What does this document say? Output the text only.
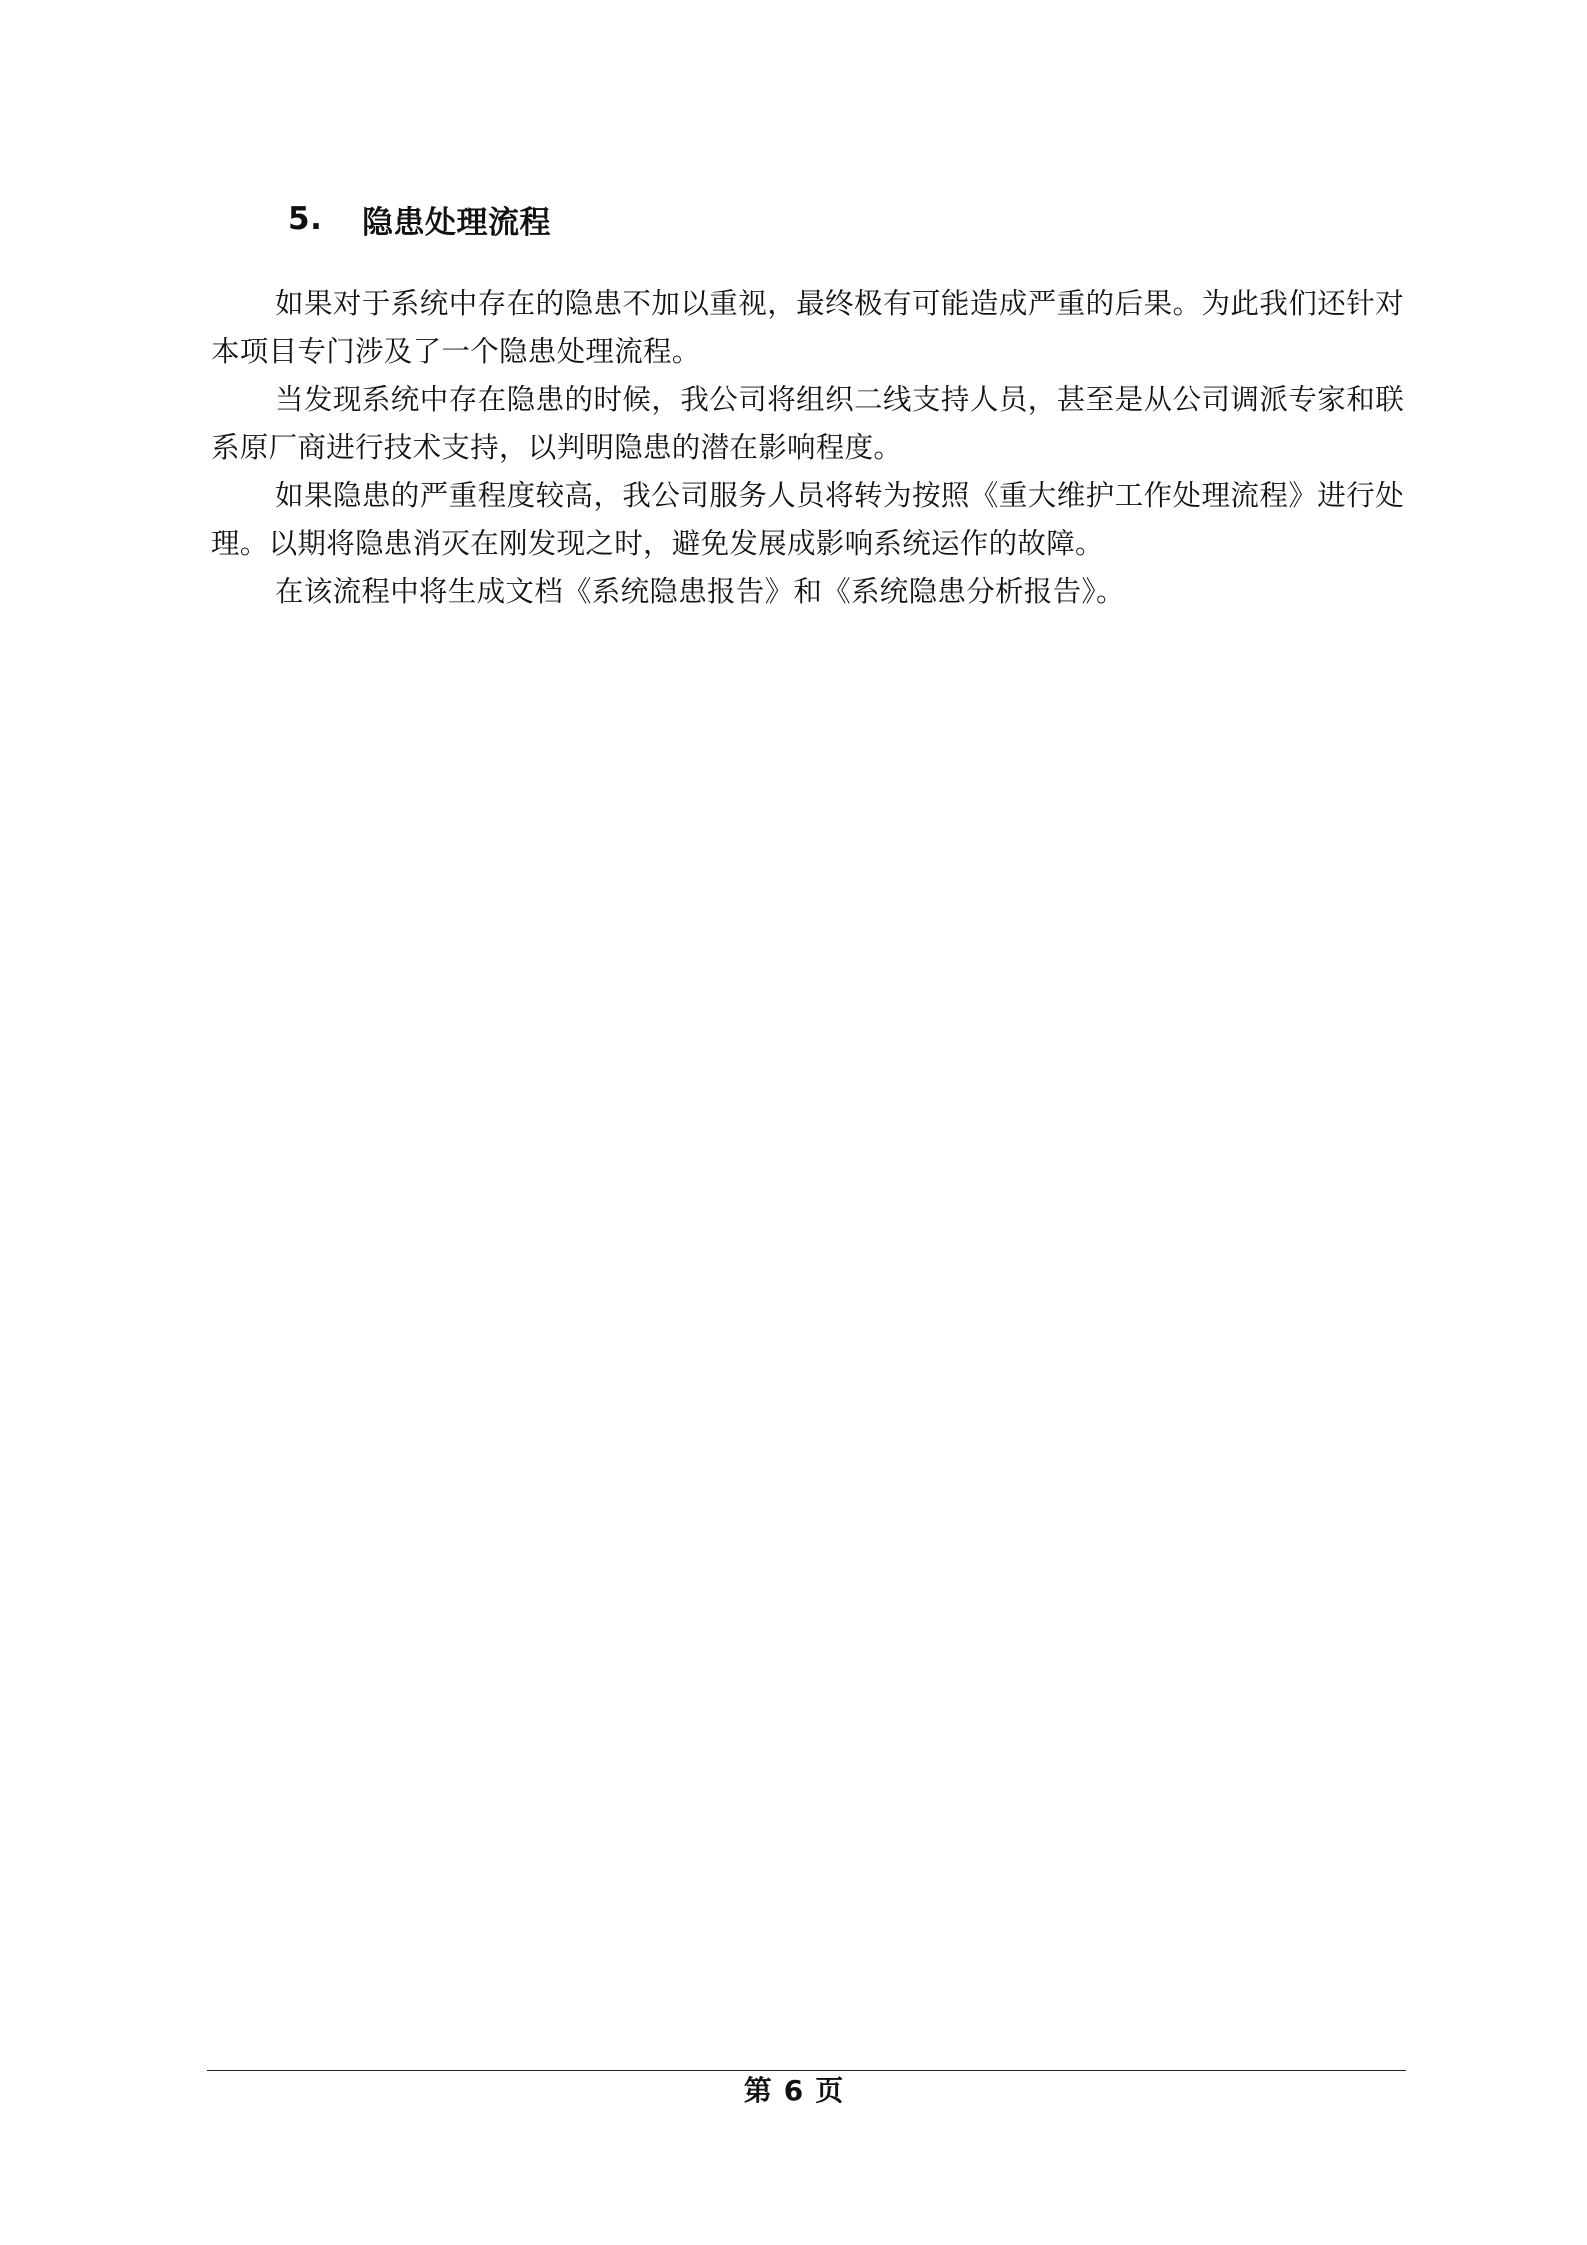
5.	隐患处理流程

如果对于系统中存在的隐患不加以重视，最终极有可能造成严重的后果。为此我们还针对本项目专门涉及了一个隐患处理流程。

当发现系统中存在隐患的时候，我公司将组织二线支持人员，甚至是从公司调派专家和联系原厂商进行技术支持，以判明隐患的潜在影响程度。

如果隐患的严重程度较高，我公司服务人员将转为按照《重大维护工作处理流程》进行处理。以期将隐患消灭在刚发现之时，避免发展成影响系统运作的故障。

在该流程中将生成文档《系统隐患报告》和《系统隐患分析报告》。

第 6 页
